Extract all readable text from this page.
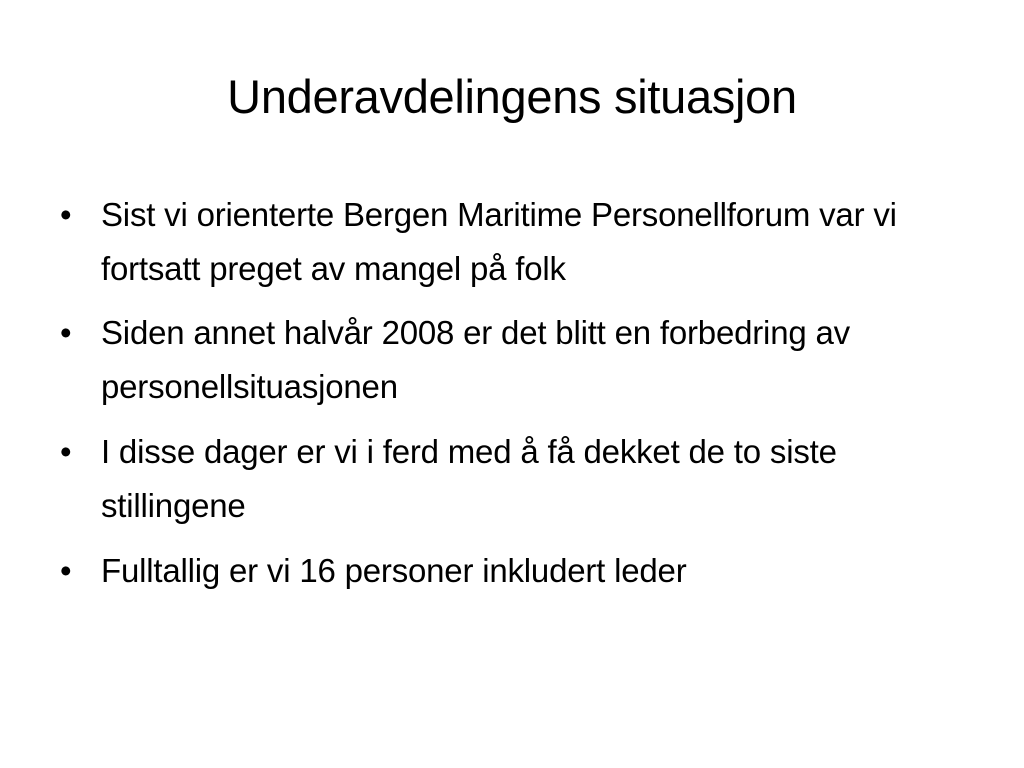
Underavdelingens situasjon
• Sist vi orienterte Bergen Maritime Personellforum var vi fortsatt preget av mangel på folk
• Siden annet halvår 2008 er det blitt en forbedring av personellsituasjonen
• I disse dager er vi i ferd med å få dekket de to siste stillingene
• Fulltallig er vi 16 personer inkludert leder
